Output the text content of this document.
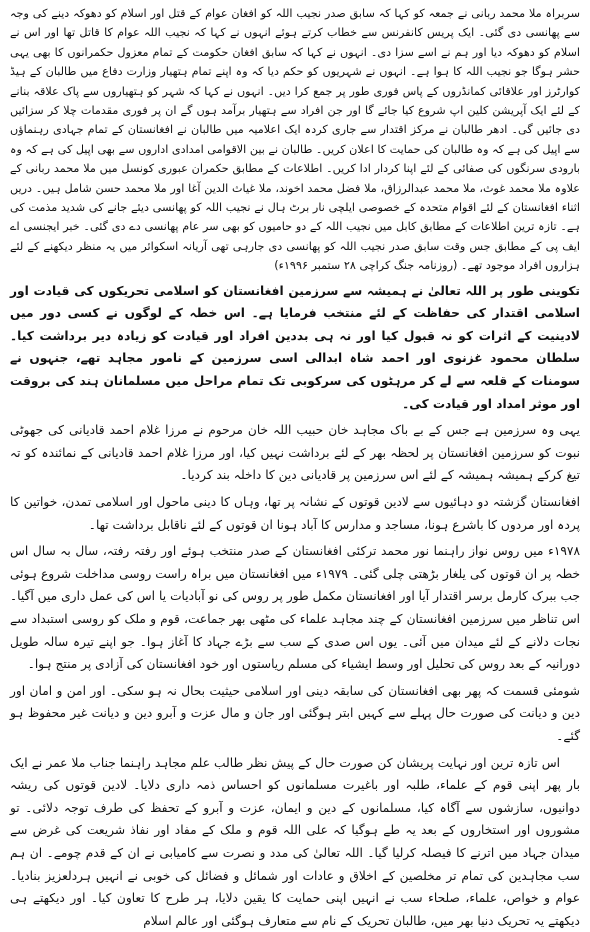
سربراہ ملا محمد ربانی نے جمعہ کو کہا کہ سابق صدر نجیب اللہ کو افغان عوام کے قتل اور اسلام کو دھوکہ دینے کی وجہ سے پھانسی دی گئی۔ ایک پریس کانفرنس سے خطاب کرتے ہوئے انہوں نے کہا کہ نجیب اللہ عوام کا قاتل تھا اور اس نے اسلام کو دھوکہ دیا اور ہم نے اسے سزا دی۔ انہوں نے کہا کہ سابق افغان حکومت کے تمام معزول حکمرانوں کا بھی یہی حشر ہوگا جو نجیب اللہ کا ہوا ہے۔ انہوں نے شہریوں کو حکم دیا کہ وہ اپنے تمام ہتھیار وزارت دفاع میں طالبان کے ہیڈ کوارٹرز اور علاقائی کمانڈروں کے پاس فوری طور پر جمع کرا دیں۔ انہوں نے کہا کہ شہر کو ہتھیاروں سے پاک علاقہ بنانے کے لئے ایک آپریشن کلین اپ شروع کیا جائے گا اور جن افراد سے ہتھیار برآمد ہوں گے ان پر فوری مقدمات چلا کر سزائیں دی جائیں گی۔ ادھر طالبان نے مرکز اقتدار سے جاری کردہ ایک اعلامیہ میں طالبان نے افغانستان کے تمام جہادی رہنماؤں سے اپیل کی ہے کہ وہ طالبان کی حمایت کا اعلان کریں۔ طالبان نے بین الاقوامی امدادی اداروں سے بھی اپیل کی ہے کہ وہ بارودی سرنگوں کی صفائی کے لئے اپنا کردار ادا کریں۔ اطلاعات کے مطابق حکمران عبوری کونسل میں ملا محمد ربانی کے علاوہ ملا محمد غوث، ملا محمد عبدالرزاق، ملا فضل محمد اخوند، ملا غیاث الدین آغا اور ملا محمد حسن شامل ہیں۔ دریں اثناء افغانستان کے لئے اقوام متحدہ کے خصوصی ایلچی نار برٹ ہال نے نجیب اللہ کو پھانسی دیئے جانے کی شدید مذمت کی ہے۔ تازہ ترین اطلاعات کے مطابق کابل میں نجیب اللہ کے دو حامیوں کو بھی سر عام پھانسی دے دی گئی۔ خبر ایجنسی اے ایف پی کے مطابق جس وقت سابق صدر نجیب اللہ کو پھانسی دی جارہی تھی آریانہ اسکوائر میں یہ منظر دیکھنے کے لئے ہزاروں افراد موجود تھے۔ (روزنامہ جنگ کراچی ۲۸ ستمبر ۱۹۹۶ء)

تکوینی طور پر اللہ تعالیٰ نے ہمیشہ سے سرزمین افغانستان کو اسلامی تحریکوں کی قیادت اور اسلامی اقتدار کی حفاظت کے لئے منتخب فرمایا ہے۔ اس خطہ کے لوگوں نے کسی دور میں لادینیت کے اثرات کو نہ قبول کیا اور نہ ہی بددین افراد اور قیادت کو زیادہ دیر برداشت کیا۔ سلطان محمود غزنوی اور احمد شاہ ابدالی اسی سرزمین کے نامور مجاہد تھے، جنہوں نے سومنات کے قلعہ سے لے کر مرہٹوں کی سرکوبی تک تمام مراحل میں مسلمانان ہند کی بروقت اور موثر امداد اور قیادت کی۔

یہی وہ سرزمین ہے جس کے بے باک مجاہد خان حبیب اللہ خان مرحوم نے مرزا غلام احمد قادیانی کی جھوٹی نبوت کو سرزمین افغانستان پر لحظہ بھر کے لئے برداشت نہیں کیا، اور مرزا غلام احمد قادیانی کے نمائندہ کو تہ تیغ کرکے ہمیشہ ہمیشہ کے لئے اس سرزمین پر قادیانی دین کا داخلہ بند کردیا۔

افغانستان گزشتہ دو دہائیوں سے لادین قوتوں کے نشانہ پر تھا، وہاں کا دینی ماحول اور اسلامی تمدن، خواتین کا پردہ اور مردوں کا باشرع ہونا، مساجد و مدارس کا آباد ہونا ان قوتوں کے لئے ناقابل برداشت تھا۔

۱۹۷۸ء میں روس نواز راہنما نور محمد ترکئی افغانستان کے صدر منتخب ہوئے اور رفتہ رفتہ، سال بہ سال اس خطہ پر ان قوتوں کی یلغار بڑھتی چلی گئی۔ ۱۹۷۹ء میں افغانستان میں براہ راست روسی مداخلت شروع ہوئی جب ببرک کارمل برسر اقتدار آیا اور افغانستان مکمل طور پر روس کی نو آبادیات یا اس کی عمل داری میں آگیا۔ اس تناظر میں سرزمین افغانستان کے چند مجاہد علماء کی مٹھی بھر جماعت، قوم و ملک کو روسی استبداد سے نجات دلانے کے لئے میدان میں آئی۔ یوں اس صدی کے سب سے بڑے جہاد کا آغاز ہوا۔ جو اپنے تیرہ سالہ طویل دورانیہ کے بعد روس کی تحلیل اور وسط ایشیاء کی مسلم ریاستوں اور خود افغانستان کی آزادی پر منتج ہوا۔

شومئی قسمت کہ پھر بھی افغانستان کی سابقہ دینی اور اسلامی حیثیت بحال نہ ہو سکی۔ اور امن و امان اور دین و دیانت کی صورت حال پہلے سے کہیں ابتر ہوگئی اور جان و مال عزت و آبرو دین و دیانت غیر محفوظ ہو گئے۔

اس تازہ ترین اور نہایت پریشان کن صورت حال کے پیش نظر طالب علم مجاہد راہنما جناب ملا عمر نے ایک بار پھر اپنی قوم کے علماء، طلبہ اور باغیرت مسلمانوں کو احساس ذمہ داری دلایا۔ لادین قوتوں کی ریشہ دوانیوں، سازشوں سے آگاہ کیا، مسلمانوں کے دین و ایمان، عزت و آبرو کے تحفظ کی طرف توجہ دلائی۔ تو مشوروں اور استخاروں کے بعد یہ طے ہوگیا کہ علی اللہ قوم و ملک کے مفاد اور نفاذ شریعت کی غرض سے میدان جہاد میں اترنے کا فیصلہ کرلیا گیا۔ اللہ تعالیٰ کی مدد و نصرت سے کامیابی نے ان کے قدم چومے۔ ان ہم سب مجاہدین کی تمام تر مخلصین کے اخلاق و عادات اور شمائل و فضائل کی خوبی نے انہیں ہردلعزیز بنادیا۔ عوام و خواص، علماء، صلحاء سب نے انہیں اپنی حمایت کا یقین دلایا، ہر طرح کا تعاون کیا۔ اور دیکھتے ہی دیکھتے یہ تحریک دنیا بھر میں، طالبان تحریک کے نام سے متعارف ہوگئی اور عالم اسلام
